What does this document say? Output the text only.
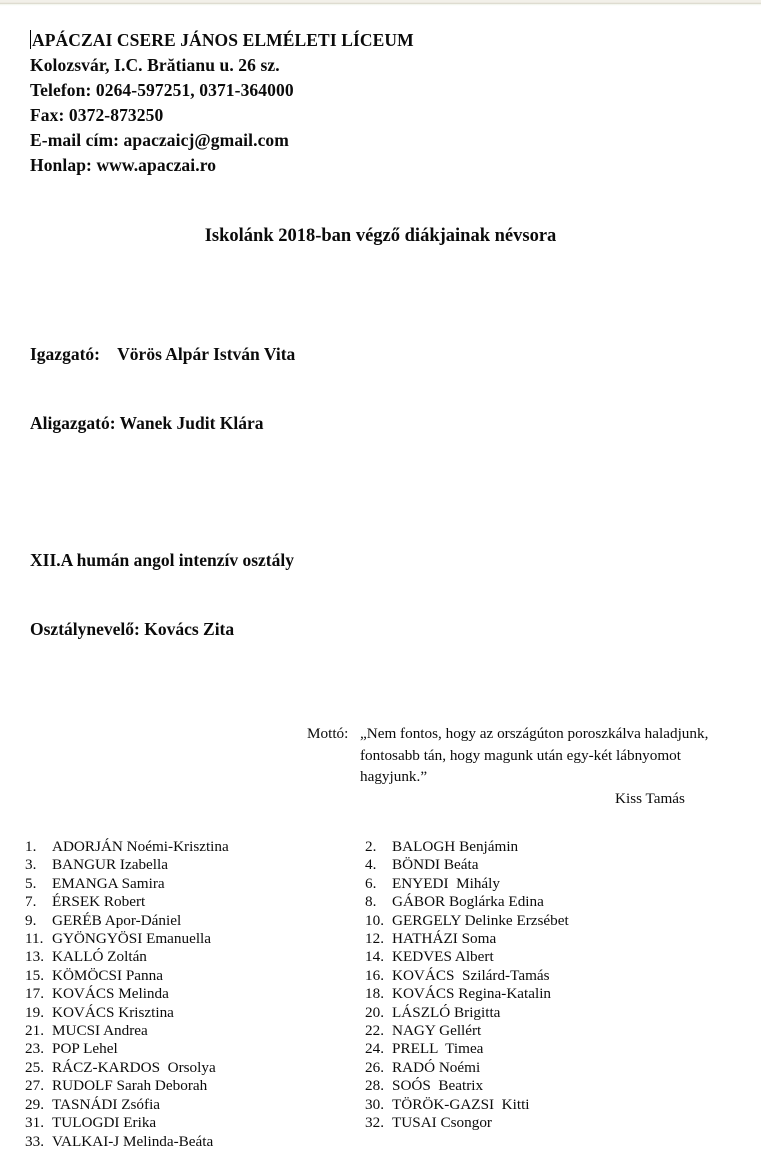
APÁCZAI CSERE JÁNOS ELMÉLETI LÍCEUM
Kolozsvár, I.C. Brătianu u. 26 sz.
Telefon: 0264-597251, 0371-364000
Fax: 0372-873250
E-mail cím: apaczaicj@gmail.com
Honlap: www.apaczai.ro
Iskolánk 2018-ban végző diákjainak névsora

Igazgató:    Vörös Alpár István Vita

Aligazgató: Wanek Judit Klára

XII.A humán angol intenzív osztály

Osztálynevelő: Kovács Zita

Mottó: „Nem fontos, hogy az országúton poroszkálva haladjunk,
fontosabb tán, hogy magunk után egy-két lábnyomot
hagyjunk.”
Kiss Tamás
1. ADORJÁN Noémi-Krisztina
3. BANGUR Izabella
5. EMANGA Samira
7. ÉRSEK Robert
9. GERÉB Apor-Dániel
11. GYÖNGYÖSI Emanuella
13. KALLÓ Zoltán
15. KÖMÖCSI Panna
17. KOVÁCS Melinda
19. KOVÁCS Krisztina
21. MUCSI Andrea
23. POP Lehel
25. RÁCZ-KARDOS  Orsolya
27. RUDOLF Sarah Deborah
29. TASNÁDI Zsófia
31. TULOGDI Erika
33. VALKAI-J Melinda-Beáta
2. BALOGH Benjámin
4. BÖNDI Beáta
6. ENYEDI  Mihály
8. GÁBOR Boglárka Edina
10. GERGELY Delinke Erzsébet
12. HATHÁZI Soma
14. KEDVES Albert
16. KOVÁCS  Szilárd-Tamás
18. KOVÁCS Regina-Katalin
20. LÁSZLÓ Brigitta
22. NAGY Gellért
24. PRELL  Timea
26. RADÓ Noémi
28. SOÓS  Beatrix
30. TÖRÖK-GAZSI  Kitti
32. TUSAI Csongor
